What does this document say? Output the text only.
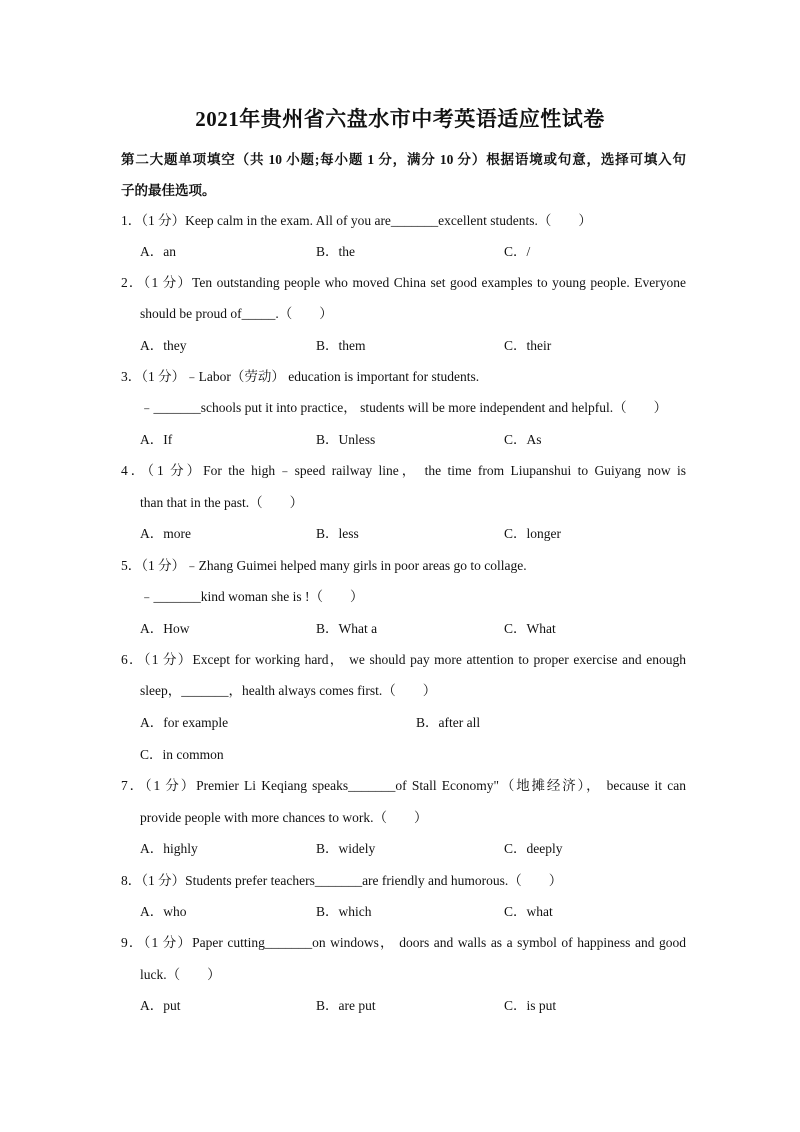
2021年贵州省六盘水市中考英语适应性试卷
第二大题单项填空（共 10 小题;每小题 1 分，满分 10 分）根据语境或句意，选择可填入句
子的最佳选项。
1．（1 分）Keep calm in the exam. All of you are_______excellent students.（　　）
A．an	B．the	C．/
2．（1 分）Ten outstanding people who moved China set good examples to young people. Everyone
should be proud of_____.（　　）
A．they	B．them	C．their
3．（1 分）﹣Labor（劳动） education is important for students.
﹣_______schools put it into practice， students will be more independent and helpful.（　　）
A．If	B．Unless	C．As
4．（1 分）For the high﹣speed railway line， the time from Liupanshui to Guiyang now is
than that in the past.（　　）
A．more	B．less	C．longer
5．（1 分）﹣Zhang Guimei helped many girls in poor areas go to collage.
﹣_______kind woman she is !（　　）
A．How	B．What a	C．What
6．（1 分）Except for working hard， we should pay more attention to proper exercise and enough
sleep，_______，health always comes first.（　　）
A．for example	B．after all
C．in common
7．（1 分）Premier Li Keqiang speaks_______of Stall Economy"（地摊经济）， because it can
provide people with more chances to work.（　　）
A．highly	B．widely	C．deeply
8．（1 分）Students prefer teachers_______are friendly and humorous.（　　）
A．who	B．which	C．what
9．（1 分）Paper cutting_______on windows， doors and walls as a symbol of happiness and good
luck.（　　）
A．put	B．are put	C．is put
